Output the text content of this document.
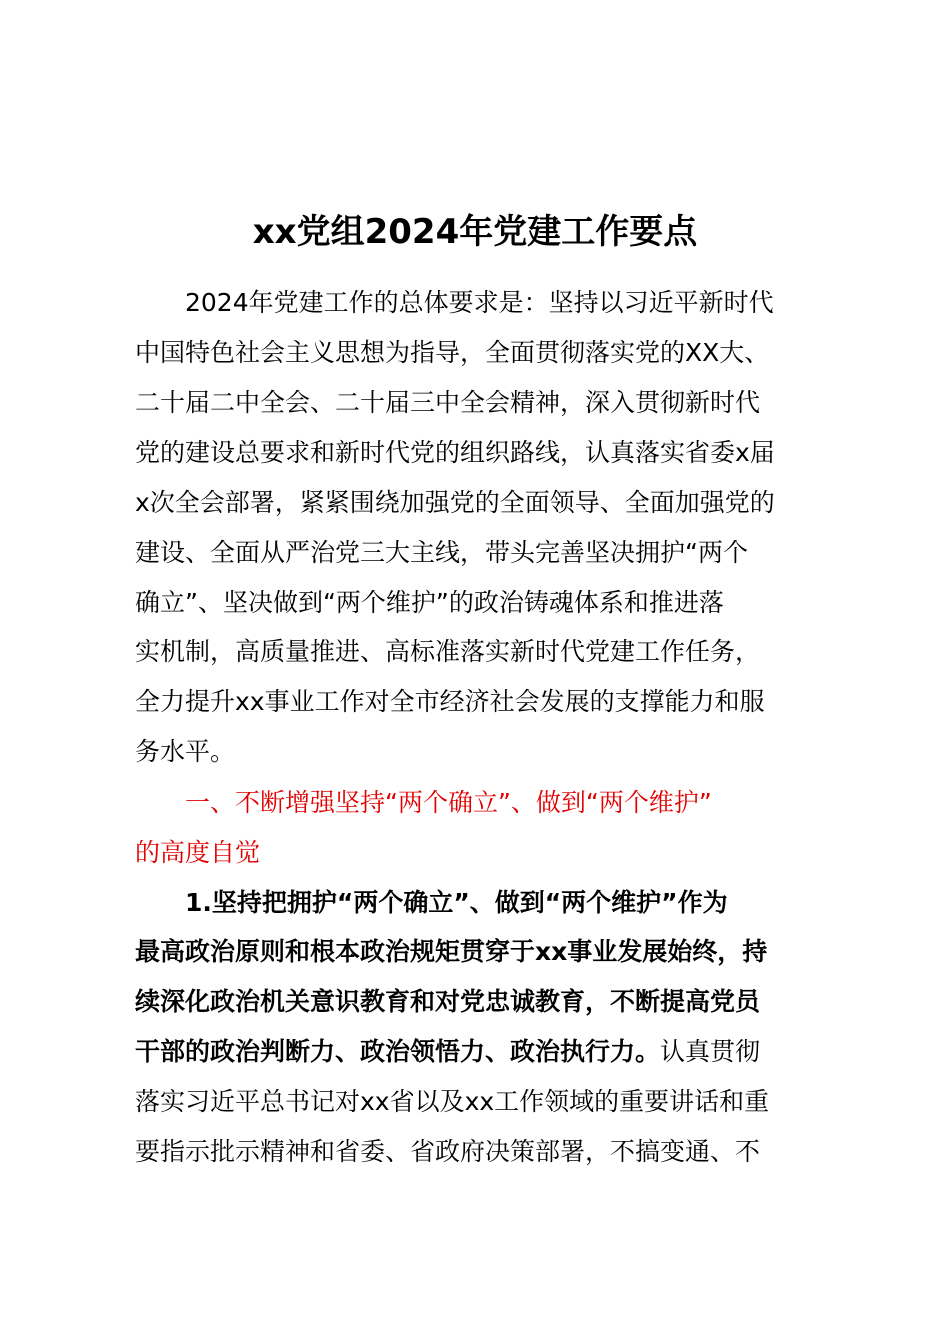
xx党组2024年党建工作要点
2024年党建工作的总体要求是：坚持以习近平新时代
中国特色社会主义思想为指导，全面贯彻落实党的XX大、
二十届二中全会、二十届三中全会精神，深入贯彻新时代
党的建设总要求和新时代党的组织路线，认真落实省委x届
x次全会部署，紧紧围绕加强党的全面领导、全面加强党的
建设、全面从严治党三大主线，带头完善坚决拥护“两个
确立”、坚决做到“两个维护”的政治铸魂体系和推进落
实机制，高质量推进、高标准落实新时代党建工作任务，
全力提升xx事业工作对全市经济社会发展的支撑能力和服
务水平。
一、不断增强坚持“两个确立”、做到“两个维护”
的高度自觉
1.坚持把拥护“两个确立”、做到“两个维护”作为
最高政治原则和根本政治规矩贯穿于xx事业发展始终，持
续深化政治机关意识教育和对党忠诚教育，不断提高党员
干部的政治判断力、政治领悟力、政治执行力。认真贯彻
落实习近平总书记对xx省以及xx工作领域的重要讲话和重
要指示批示精神和省委、省政府决策部署，不搞变通、不
